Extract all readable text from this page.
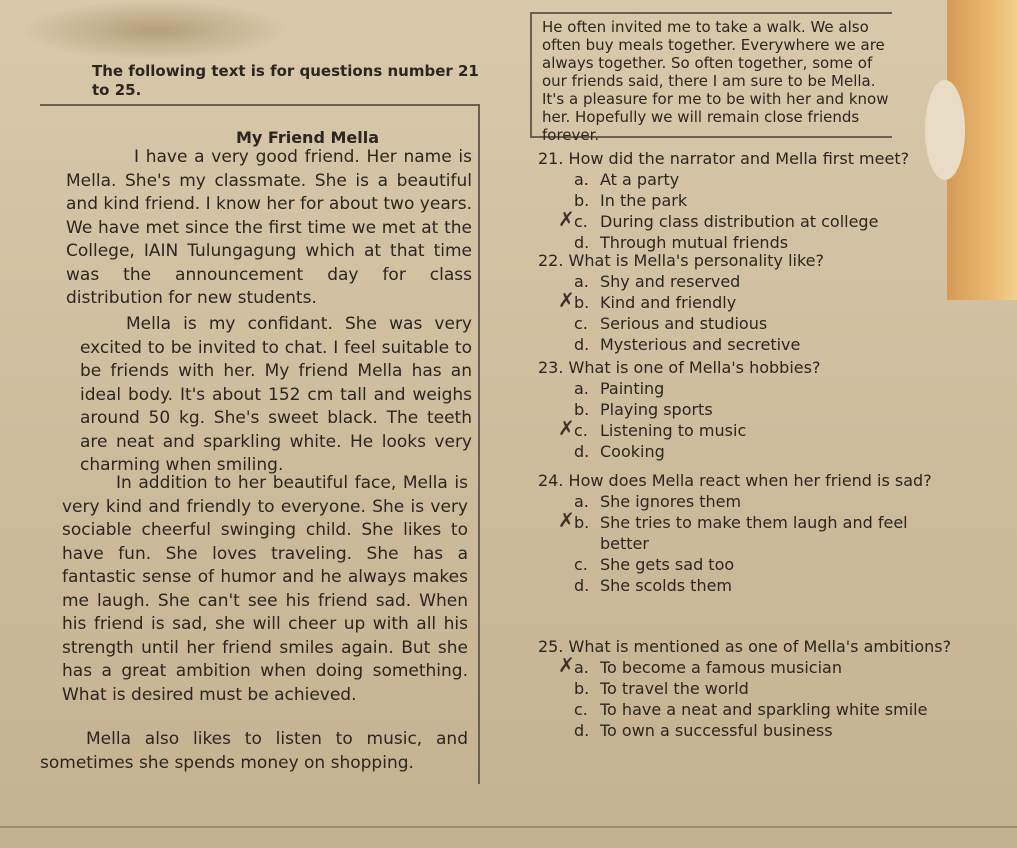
The following text is for questions number 21 to 25.
My Friend Mella

I have a very good friend. Her name is Mella. She's my classmate. She is a beautiful and kind friend. I know her for about two years. We have met since the first time we met at the College, IAIN Tulungagung which at that time was the announcement day for class distribution for new students.

Mella is my confidant. She was very excited to be invited to chat. I feel suitable to be friends with her. My friend Mella has an ideal body. It's about 152 cm tall and weighs around 50 kg. She's sweet black. The teeth are neat and sparkling white. He looks very charming when smiling.

In addition to her beautiful face, Mella is very kind and friendly to everyone. She is very sociable cheerful swinging child. She likes to have fun. She loves traveling. She has a fantastic sense of humor and he always makes me laugh. She can't see his friend sad. When his friend is sad, she will cheer up with all his strength until her friend smiles again. But she has a great ambition when doing something. What is desired must be achieved.

Mella also likes to listen to music, and sometimes she spends money on shopping.

He often invited me to take a walk. We also often buy meals together. Everywhere we are always together. So often together, some of our friends said, there I am sure to be Mella. It's a pleasure for me to be with her and know her. Hopefully we will remain close friends forever.
21. How did the narrator and Mella first meet?
a. At a party
b. In the park
✗ c. During class distribution at college
d. Through mutual friends
22. What is Mella's personality like?
a. Shy and reserved
✗ b. Kind and friendly
c. Serious and studious
d. Mysterious and secretive
23. What is one of Mella's hobbies?
a. Painting
b. Playing sports
✗ c. Listening to music
d. Cooking
24. How does Mella react when her friend is sad?
a. She ignores them
✗ b. She tries to make them laugh and feel better
c. She gets sad too
d. She scolds them
25. What is mentioned as one of Mella's ambitions?
✗ a. To become a famous musician
b. To travel the world
c. To have a neat and sparkling white smile
d. To own a successful business
